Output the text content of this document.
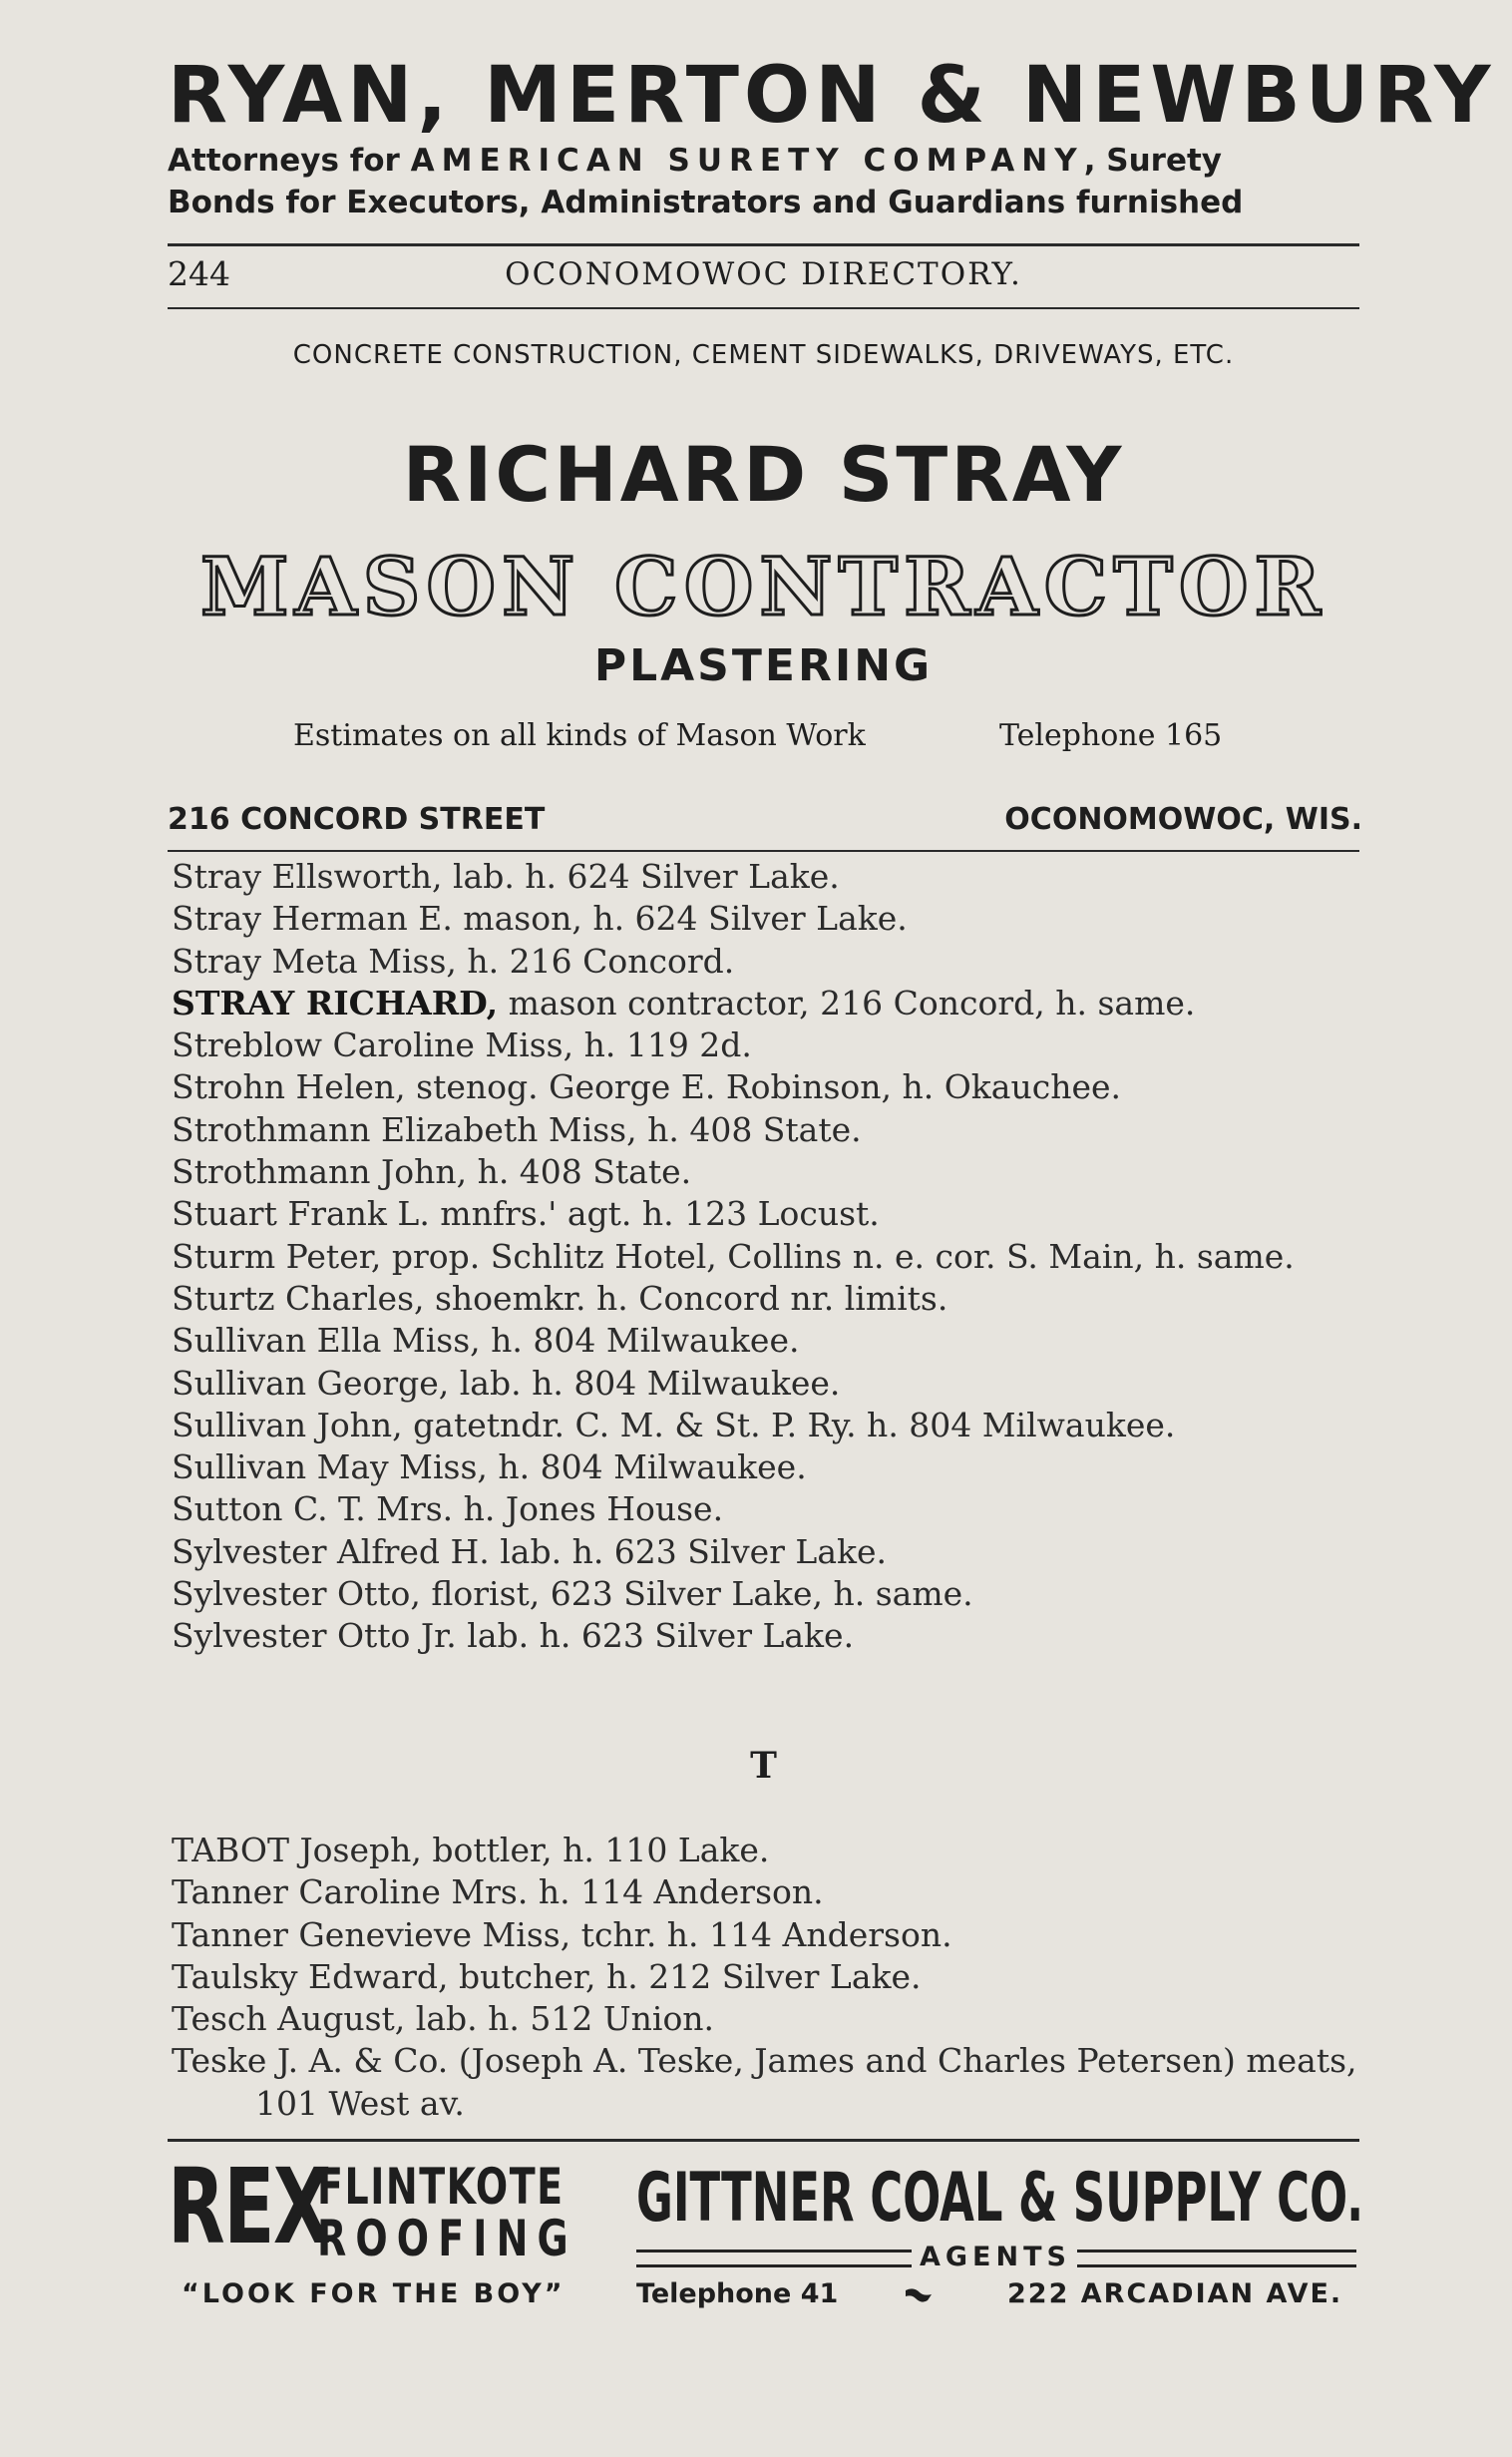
RYAN, MERTON & NEWBURY
Attorneys for AMERICAN SURETY COMPANY, Surety
Bonds for Executors, Administrators and Guardians furnished
244	OCONOMOWOC DIRECTORY.
CONCRETE CONSTRUCTION, CEMENT SIDEWALKS, DRIVEWAYS, ETC.
RICHARD STRAY
MASON CONTRACTOR
PLASTERING
Estimates on all kinds of Mason Work	Telephone 165
216 CONCORD STREET	OCONOMOWOC, WIS.
Stray Ellsworth, lab. h. 624 Silver Lake.
Stray Herman E. mason, h. 624 Silver Lake.
Stray Meta Miss, h. 216 Concord.
STRAY RICHARD, mason contractor, 216 Concord, h. same.
Streblow Caroline Miss, h. 119 2d.
Strohn Helen, stenog. George E. Robinson, h. Okauchee.
Strothmann Elizabeth Miss, h. 408 State.
Strothmann John, h. 408 State.
Stuart Frank L. mnfrs.' agt. h. 123 Locust.
Sturm Peter, prop. Schlitz Hotel, Collins n. e. cor. S. Main, h. same.
Sturtz Charles, shoemkr. h. Concord nr. limits.
Sullivan Ella Miss, h. 804 Milwaukee.
Sullivan George, lab. h. 804 Milwaukee.
Sullivan John, gatetndr. C. M. & St. P. Ry. h. 804 Milwaukee.
Sullivan May Miss, h. 804 Milwaukee.
Sutton C. T. Mrs. h. Jones House.
Sylvester Alfred H. lab. h. 623 Silver Lake.
Sylvester Otto, florist, 623 Silver Lake, h. same.
Sylvester Otto Jr. lab. h. 623 Silver Lake.
T
TABOT Joseph, bottler, h. 110 Lake.
Tanner Caroline Mrs. h. 114 Anderson.
Tanner Genevieve Miss, tchr. h. 114 Anderson.
Taulsky Edward, butcher, h. 212 Silver Lake.
Tesch August, lab. h. 512 Union.
Teske J. A. & Co. (Joseph A. Teske, James and Charles Petersen) meats, 101 West av.
REX
FLINTKOTE
ROOFING
“LOOK FOR THE BOY”
GITTNER COAL & SUPPLY CO.
AGENTS
Telephone 41	222 ARCADIAN AVE.
